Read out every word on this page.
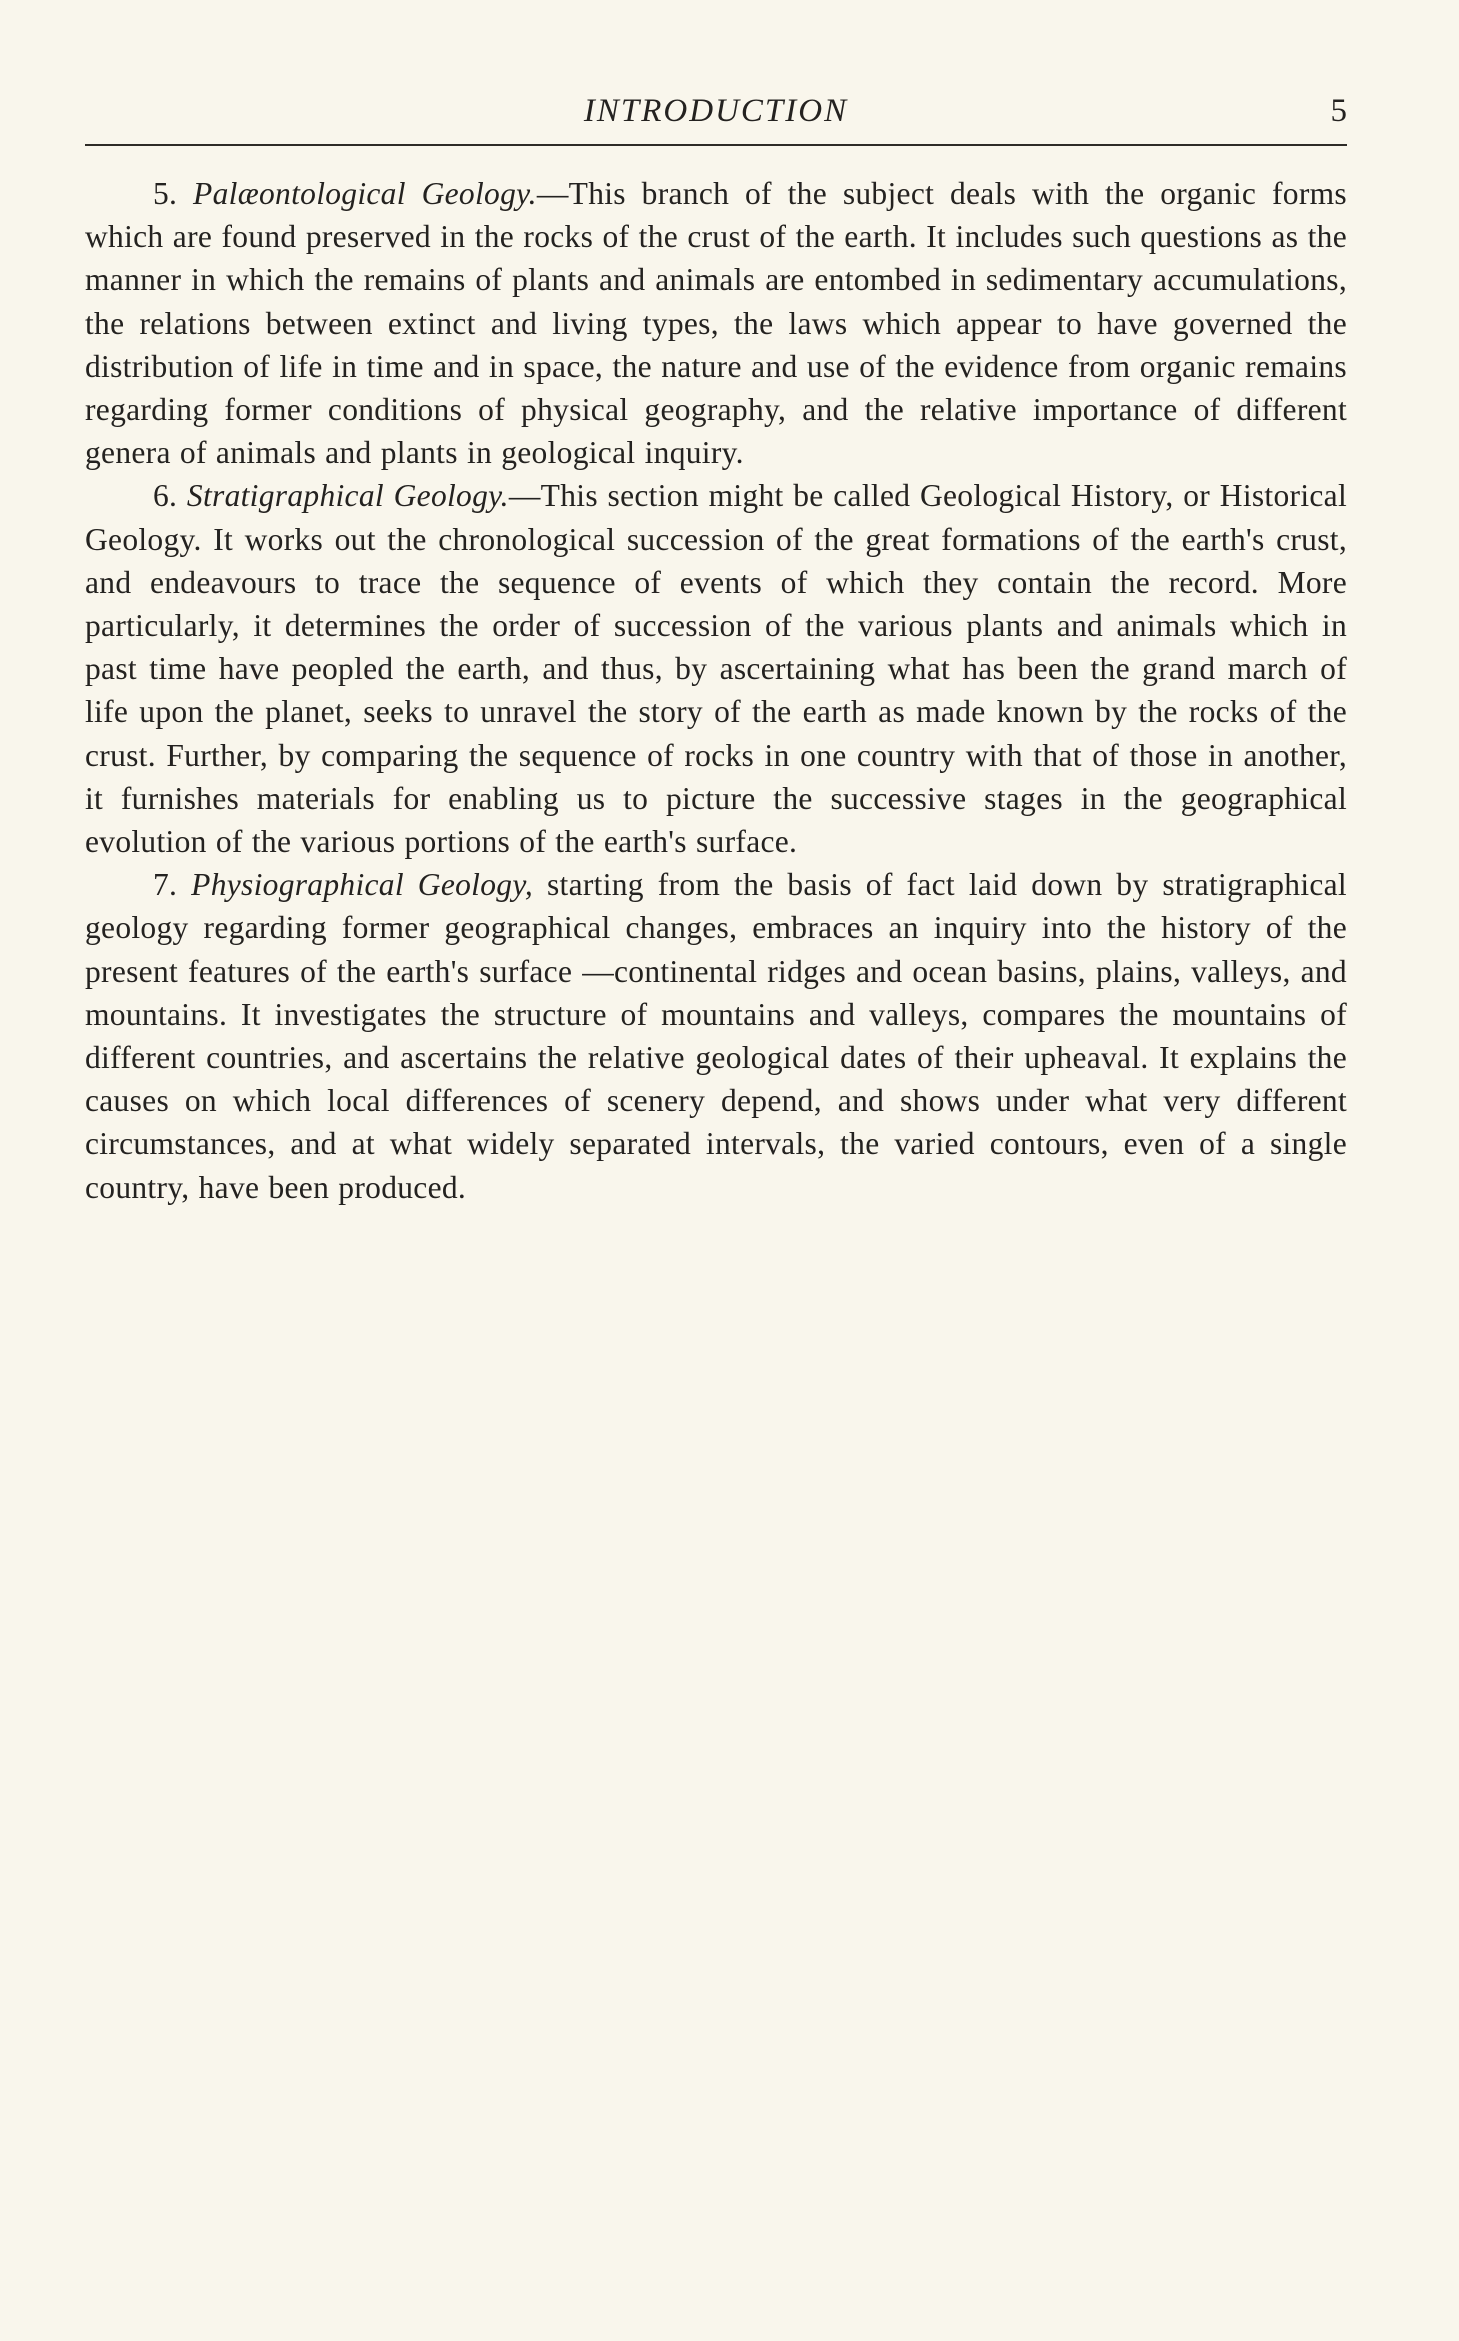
INTRODUCTION	5

5. Palæontological Geology.—This branch of the subject deals with the organic forms which are found preserved in the rocks of the crust of the earth. It includes such questions as the manner in which the remains of plants and animals are entombed in sedimentary accumulations, the relations between extinct and living types, the laws which appear to have governed the distribution of life in time and in space, the nature and use of the evidence from organic remains regarding former conditions of physical geography, and the relative importance of different genera of animals and plants in geological inquiry.

6. Stratigraphical Geology.—This section might be called Geological History, or Historical Geology. It works out the chronological succession of the great formations of the earth's crust, and endeavours to trace the sequence of events of which they contain the record. More particularly, it determines the order of succession of the various plants and animals which in past time have peopled the earth, and thus, by ascertaining what has been the grand march of life upon the planet, seeks to unravel the story of the earth as made known by the rocks of the crust. Further, by comparing the sequence of rocks in one country with that of those in another, it furnishes materials for enabling us to picture the successive stages in the geographical evolution of the various portions of the earth's surface.

7. Physiographical Geology, starting from the basis of fact laid down by stratigraphical geology regarding former geographical changes, embraces an inquiry into the history of the present features of the earth's surface —continental ridges and ocean basins, plains, valleys, and mountains. It investigates the structure of mountains and valleys, compares the mountains of different countries, and ascertains the relative geological dates of their upheaval. It explains the causes on which local differences of scenery depend, and shows under what very different circumstances, and at what widely separated intervals, the varied contours, even of a single country, have been produced.
